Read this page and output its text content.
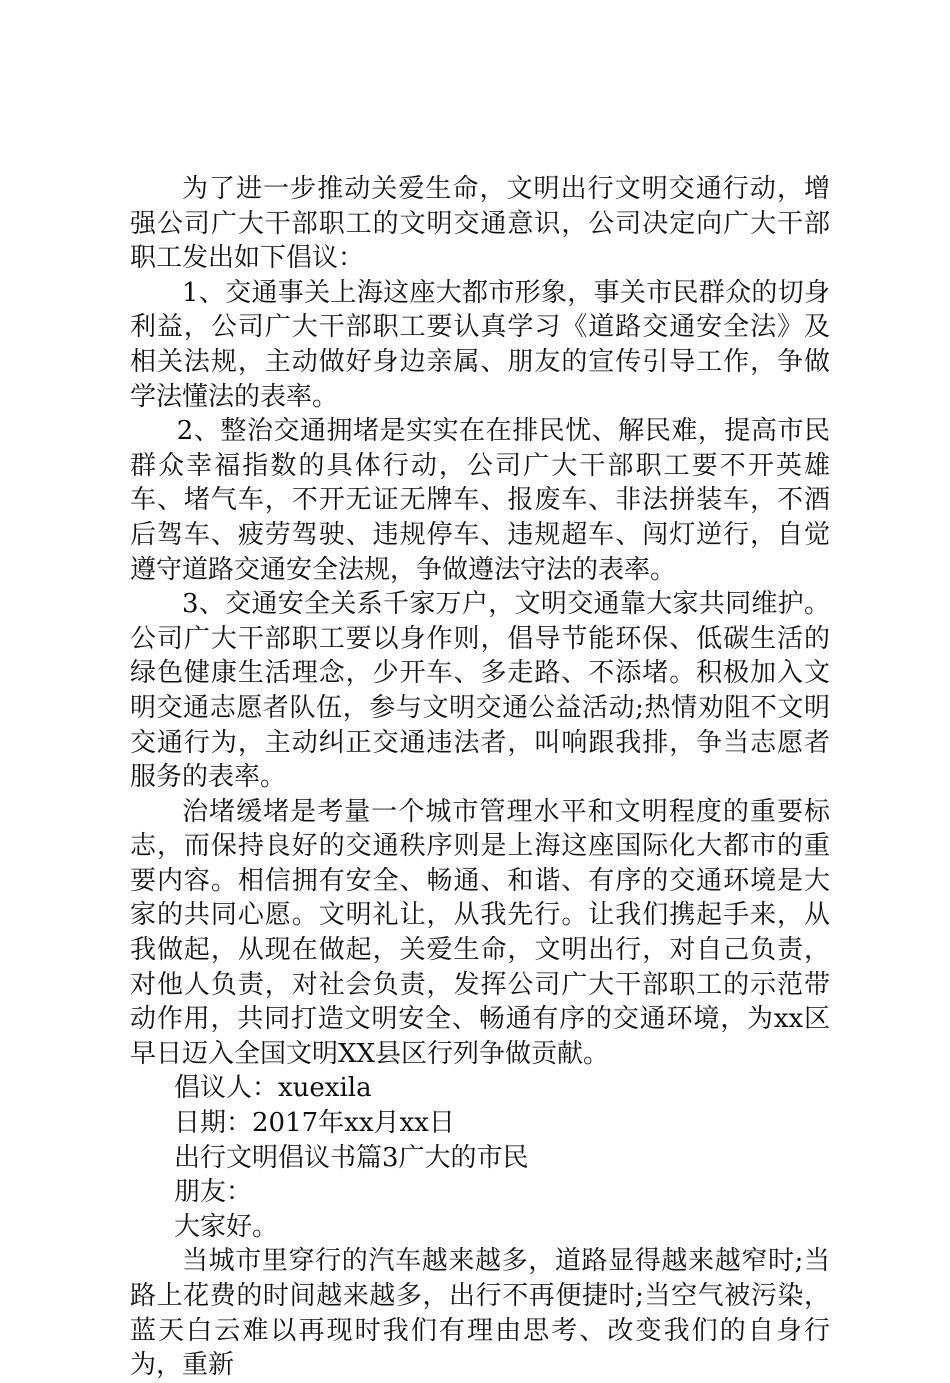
为了进一步推动关爱生命，文明出行文明交通行动，增强公司广大干部职工的文明交通意识，公司决定向广大干部职工发出如下倡议：

1、交通事关上海这座大都市形象，事关市民群众的切身利益，公司广大干部职工要认真学习《道路交通安全法》及相关法规，主动做好身边亲属、朋友的宣传引导工作，争做学法懂法的表率。

2、整治交通拥堵是实实在在排民忧、解民难，提高市民群众幸福指数的具体行动，公司广大干部职工要不开英雄车、堵气车，不开无证无牌车、报废车、非法拼装车，不酒后驾车、疲劳驾驶、违规停车、违规超车、闯灯逆行，自觉遵守道路交通安全法规，争做遵法守法的表率。

3、交通安全关系千家万户，文明交通靠大家共同维护。公司广大干部职工要以身作则，倡导节能环保、低碳生活的绿色健康生活理念，少开车、多走路、不添堵。积极加入文明交通志愿者队伍，参与文明交通公益活动;热情劝阻不文明交通行为，主动纠正交通违法者，叫响跟我排，争当志愿者服务的表率。

治堵缓堵是考量一个城市管理水平和文明程度的重要标志，而保持良好的交通秩序则是上海这座国际化大都市的重要内容。相信拥有安全、畅通、和谐、有序的交通环境是大家的共同心愿。文明礼让，从我先行。让我们携起手来，从我做起，从现在做起，关爱生命，文明出行，对自己负责，对他人负责，对社会负责，发挥公司广大干部职工的示范带动作用，共同打造文明安全、畅通有序的交通环境，为xx区早日迈入全国文明XX县区行列争做贡献。

倡议人：xuexila

日期：2017年xx月xx日

出行文明倡议书篇3广大的市民

朋友：

大家好。

当城市里穿行的汽车越来越多，道路显得越来越窄时;当路上花费的时间越来越多，出行不再便捷时;当空气被污染，蓝天白云难以再现时我们有理由思考、改变我们的自身行为，重新
